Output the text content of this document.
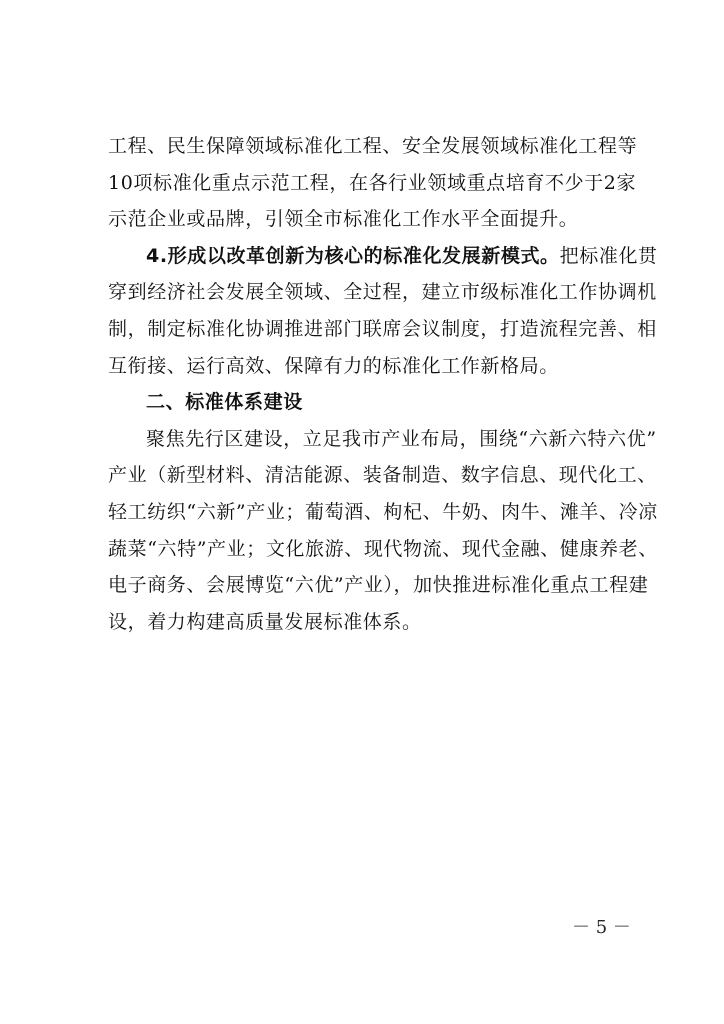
工程、民生保障领域标准化工程、安全发展领域标准化工程等
10项标准化重点示范工程，在各行业领域重点培育不少于2家
示范企业或品牌，引领全市标准化工作水平全面提升。
4.形成以改革创新为核心的标准化发展新模式。把标准化贯
穿到经济社会发展全领域、全过程，建立市级标准化工作协调机
制，制定标准化协调推进部门联席会议制度，打造流程完善、相
互衔接、运行高效、保障有力的标准化工作新格局。
二、标准体系建设
聚焦先行区建设，立足我市产业布局，围绕“六新六特六优”
产业（新型材料、清洁能源、装备制造、数字信息、现代化工、
轻工纺织“六新”产业；葡萄酒、枸杞、牛奶、肉牛、滩羊、冷凉
蔬菜“六特”产业；文化旅游、现代物流、现代金融、健康养老、
电子商务、会展博览“六优”产业），加快推进标准化重点工程建
设，着力构建高质量发展标准体系。
－ 5 －
